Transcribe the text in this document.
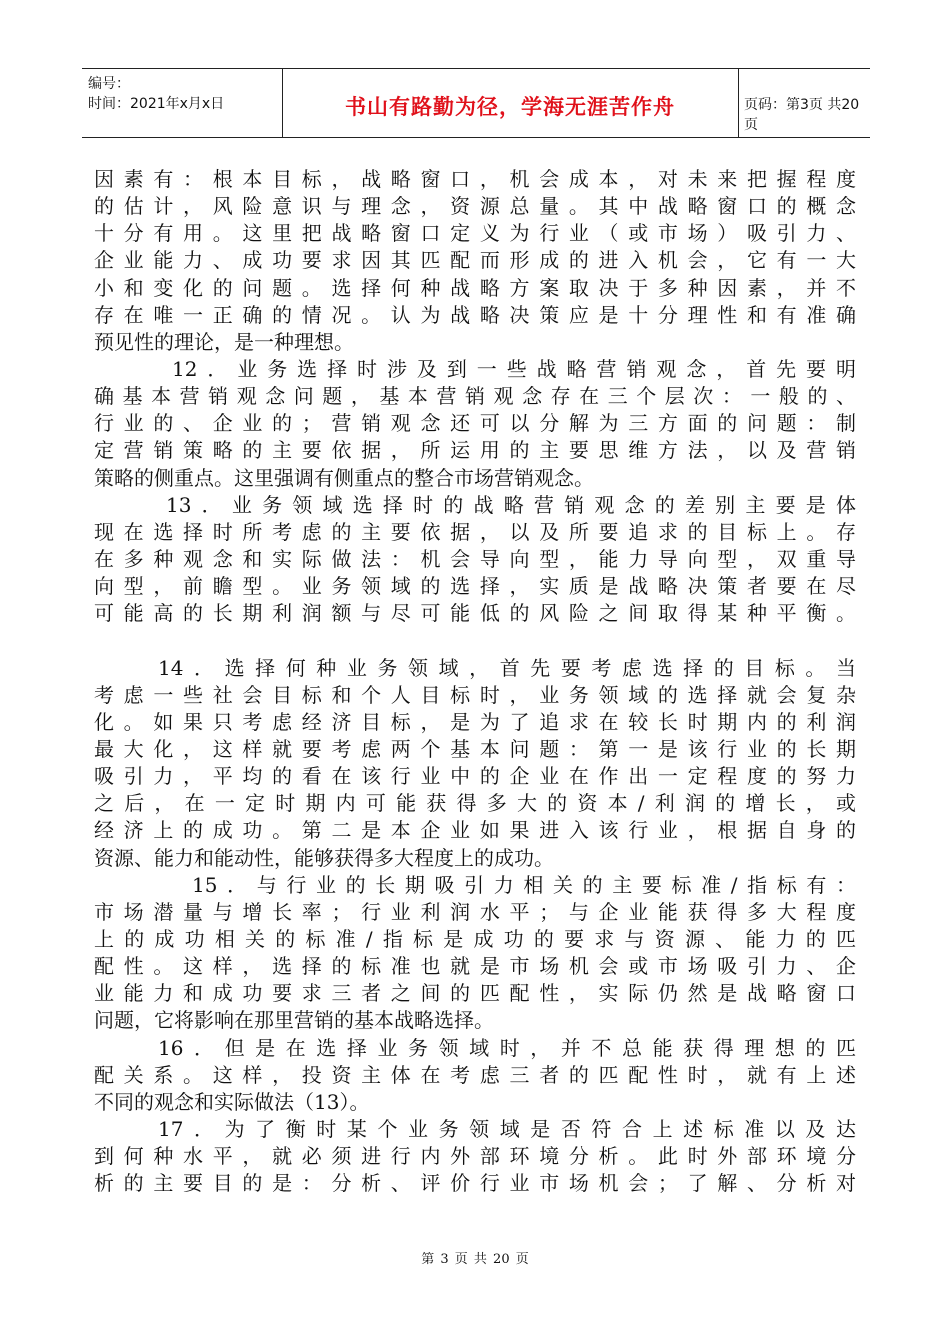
编号：
时间：2021年x月x日	书山有路勤为径，学海无涯苦作舟	页码：第3页 共20页
因素有：根本目标，战略窗口，机会成本，对未来把握程度
的估计，风险意识与理念，资源总量。其中战略窗口的概念
十分有用。这里把战略窗口定义为行业（或市场）吸引力、
企业能力、成功要求因其匹配而形成的进入机会，它有一大
小和变化的问题。选择何种战略方案取决于多种因素，并不
存在唯一正确的情况。认为战略决策应是十分理性和有准确
预见性的理论，是一种理想。
12．业务选择时涉及到一些战略营销观念，首先要明
确基本营销观念问题，基本营销观念存在三个层次：一般的、
行业的、企业的；营销观念还可以分解为三方面的问题：制
定营销策略的主要依据，所运用的主要思维方法，以及营销
策略的侧重点。这里强调有侧重点的整合市场营销观念。
13．业务领域选择时的战略营销观念的差别主要是体
现在选择时所考虑的主要依据，以及所要追求的目标上。存
在多种观念和实际做法：机会导向型，能力导向型，双重导
向型，前瞻型。业务领域的选择，实质是战略决策者要在尽
可能高的长期利润额与尽可能低的风险之间取得某种平衡。
14．选择何种业务领域，首先要考虑选择的目标。当
考虑一些社会目标和个人目标时，业务领域的选择就会复杂
化。如果只考虑经济目标，是为了追求在较长时期内的利润
最大化，这样就要考虑两个基本问题：第一是该行业的长期
吸引力，平均的看在该行业中的企业在作出一定程度的努力
之后，在一定时期内可能获得多大的资本/利润的增长，或
经济上的成功。第二是本企业如果进入该行业，根据自身的
资源、能力和能动性，能够获得多大程度上的成功。
15．与行业的长期吸引力相关的主要标准/指标有：
市场潜量与增长率；行业利润水平；与企业能获得多大程度
上的成功相关的标准/指标是成功的要求与资源、能力的匹
配性。这样，选择的标准也就是市场机会或市场吸引力、企
业能力和成功要求三者之间的匹配性，实际仍然是战略窗口
问题，它将影响在那里营销的基本战略选择。
16．但是在选择业务领域时，并不总能获得理想的匹
配关系。这样，投资主体在考虑三者的匹配性时，就有上述
不同的观念和实际做法（13）。
17．为了衡时某个业务领域是否符合上述标准以及达
到何种水平，就必须进行内外部环境分析。此时外部环境分
析的主要目的是：分析、评价行业市场机会；了解、分析对
第 3 页 共 20 页
